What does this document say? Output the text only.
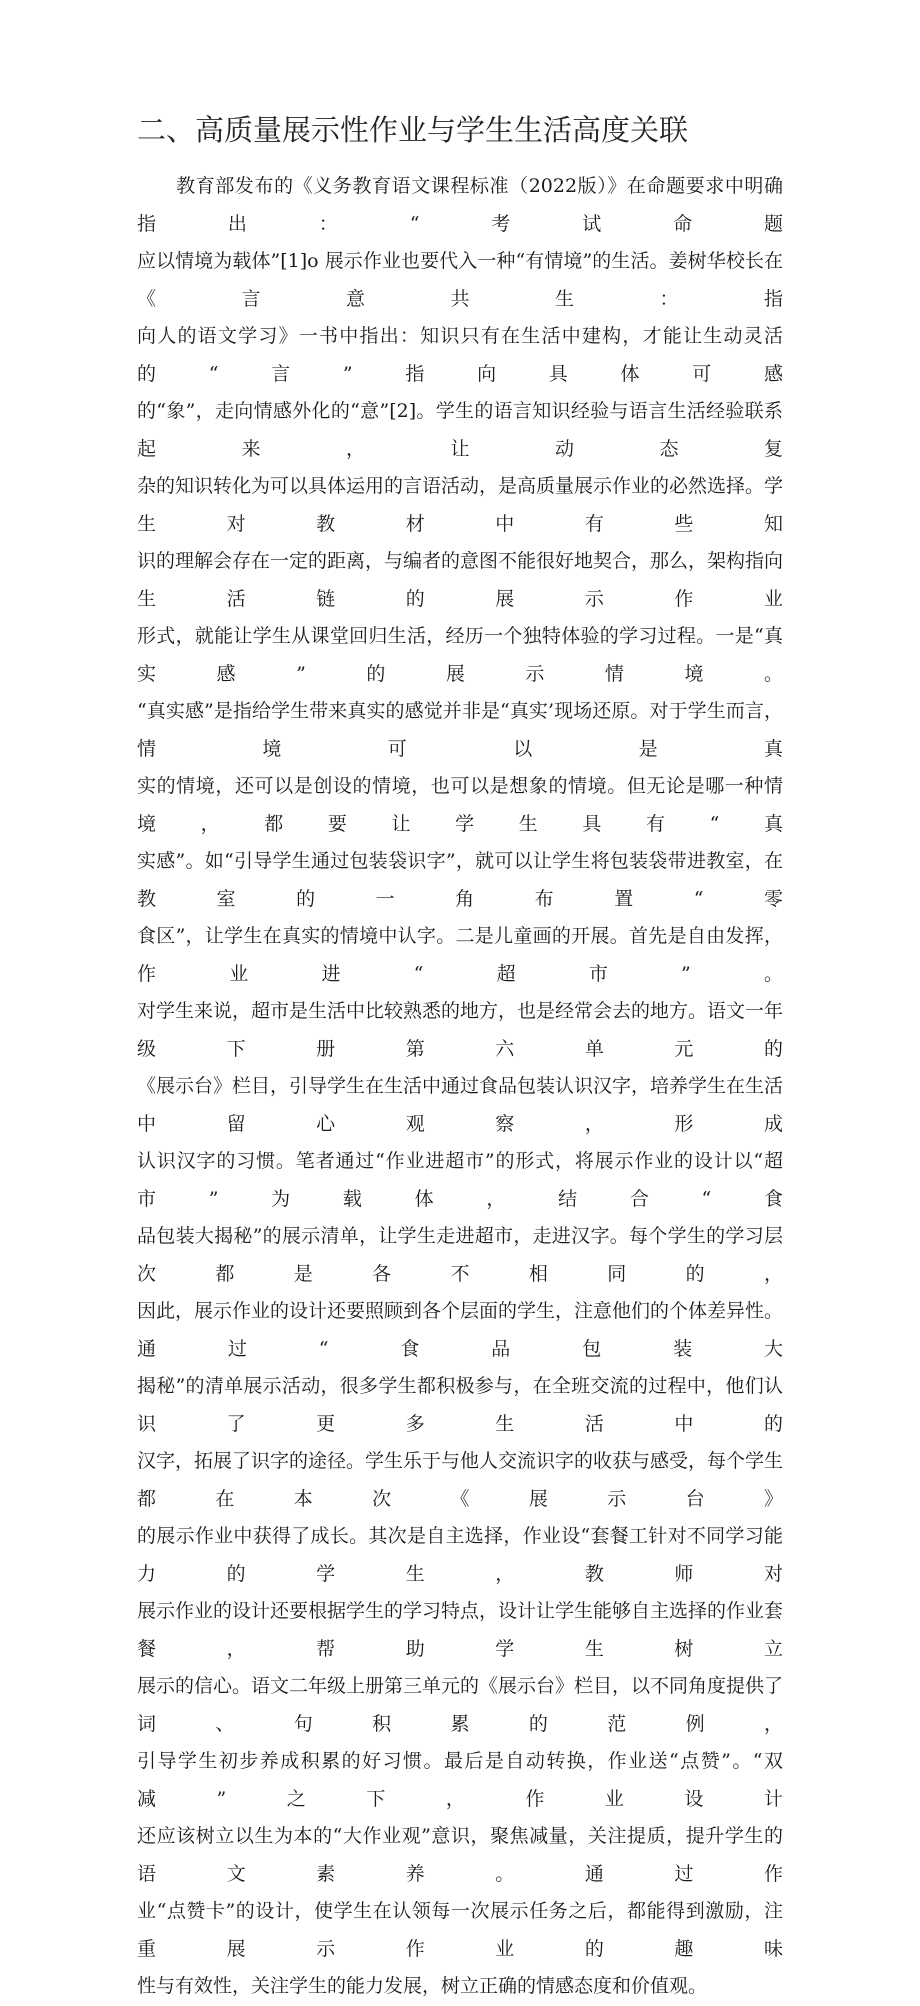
二、高质量展示性作业与学生生活高度关联
　　教育部发布的《义务教育语文课程标准（2022版）》在命题要求中明确指出：“考试命题
应以情境为载体”[1]o 展示作业也要代入一种“有情境”的生活。姜树华校长在《言意共生：指
向人的语文学习》一书中指出：知识只有在生活中建构，才能让生动灵活的“言”指向具体可感
的“象”，走向情感外化的“意”[2]。学生的语言知识经验与语言生活经验联系起来，让动态复
杂的知识转化为可以具体运用的言语活动，是高质量展示作业的必然选择。学生对教材中有些知
识的理解会存在一定的距离，与编者的意图不能很好地契合，那么，架构指向生活链的展示作业
形式，就能让学生从课堂回归生活，经历一个独特体验的学习过程。一是“真实感”的展示情境。
“真实感”是指给学生带来真实的感觉并非是“真实’现场还原。对于学生而言，情境可以是真
实的情境，还可以是创设的情境，也可以是想象的情境。但无论是哪一种情境，都要让学生具有“真
实感”。如“引导学生通过包装袋识字”，就可以让学生将包装袋带进教室，在教室的一角布置“零
食区”，让学生在真实的情境中认字。二是儿童画的开展。首先是自由发挥，作业进“超市”。
对学生来说，超市是生活中比较熟悉的地方，也是经常会去的地方。语文一年级下册第六单元的
《展示台》栏目，引导学生在生活中通过食品包装认识汉字，培养学生在生活中留心观察，形成
认识汉字的习惯。笔者通过“作业进超市”的形式，将展示作业的设计以“超市”为载体，结合“食
品包装大揭秘”的展示清单，让学生走进超市，走进汉字。每个学生的学习层次都是各不相同的，
因此，展示作业的设计还要照顾到各个层面的学生，注意他们的个体差异性。通过“食品包装大
揭秘”的清单展示活动，很多学生都积极参与，在全班交流的过程中，他们认识了更多生活中的
汉字，拓展了识字的途径。学生乐于与他人交流识字的收获与感受，每个学生都在本次《展示台》
的展示作业中获得了成长。其次是自主选择，作业设“套餐工针对不同学习能力的学生，教师对
展示作业的设计还要根据学生的学习特点，设计让学生能够自主选择的作业套餐，帮助学生树立
展示的信心。语文二年级上册第三单元的《展示台》栏目，以不同角度提供了词、句积累的范例，
引导学生初步养成积累的好习惯。最后是自动转换，作业送“点赞”。“双减”之下，作业设计
还应该树立以生为本的“大作业观”意识，聚焦减量，关注提质，提升学生的语文素养。通过作
业“点赞卡”的设计，使学生在认领每一次展示任务之后，都能得到激励，注重展示作业的趣味
性与有效性，关注学生的能力发展，树立正确的情感态度和价值观。
